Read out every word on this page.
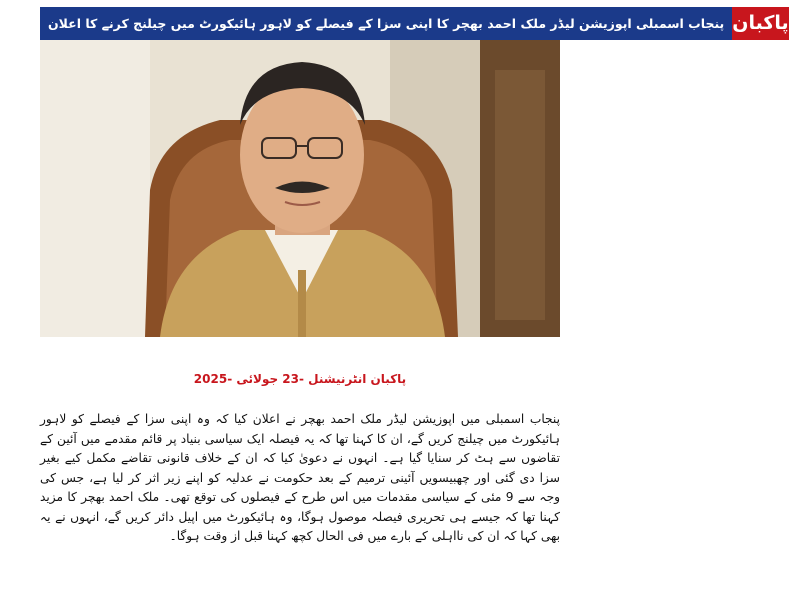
پنجاب اسمبلی اپوزیشن لیڈر ملک احمد بھچر کا اپنی سزا کے فیصلے کو لاہور ہائیکورٹ میں چیلنج کرنے کا اعلان پاکبان
پاکبان انٹرنیشنل -23 جولائی -2025

پنجاب اسمبلی میں اپوزیشن لیڈر ملک احمد بھچر نے اعلان کیا کہ وہ اپنی سزا کے فیصلے کو لاہور ہائیکورٹ میں چیلنج کریں گے، ان کا کہنا تھا کہ یہ فیصلہ ایک سیاسی بنیاد پر قائم مقدمے میں آئین کے تقاضوں سے ہٹ کر سنایا گیا ہے۔ انہوں نے دعویٰ کیا کہ ان کے خلاف قانونی تقاضے مکمل کیے بغیر سزا دی گئی اور چھبیسویں آئینی ترمیم کے بعد حکومت نے عدلیہ کو اپنے زیر اثر کر لیا ہے، جس کی وجہ سے 9 مئی کے سیاسی مقدمات میں اس طرح کے فیصلوں کی توقع تھی۔ ملک احمد بھچر کا مزید کہنا تھا کہ جیسے ہی تحریری فیصلہ موصول ہوگا، وہ ہائیکورٹ میں اپیل دائر کریں گے، انہوں نے یہ بھی کہا کہ ان کی نااہلی کے بارے میں فی الحال کچھ کہنا قبل از وقت ہوگا۔
